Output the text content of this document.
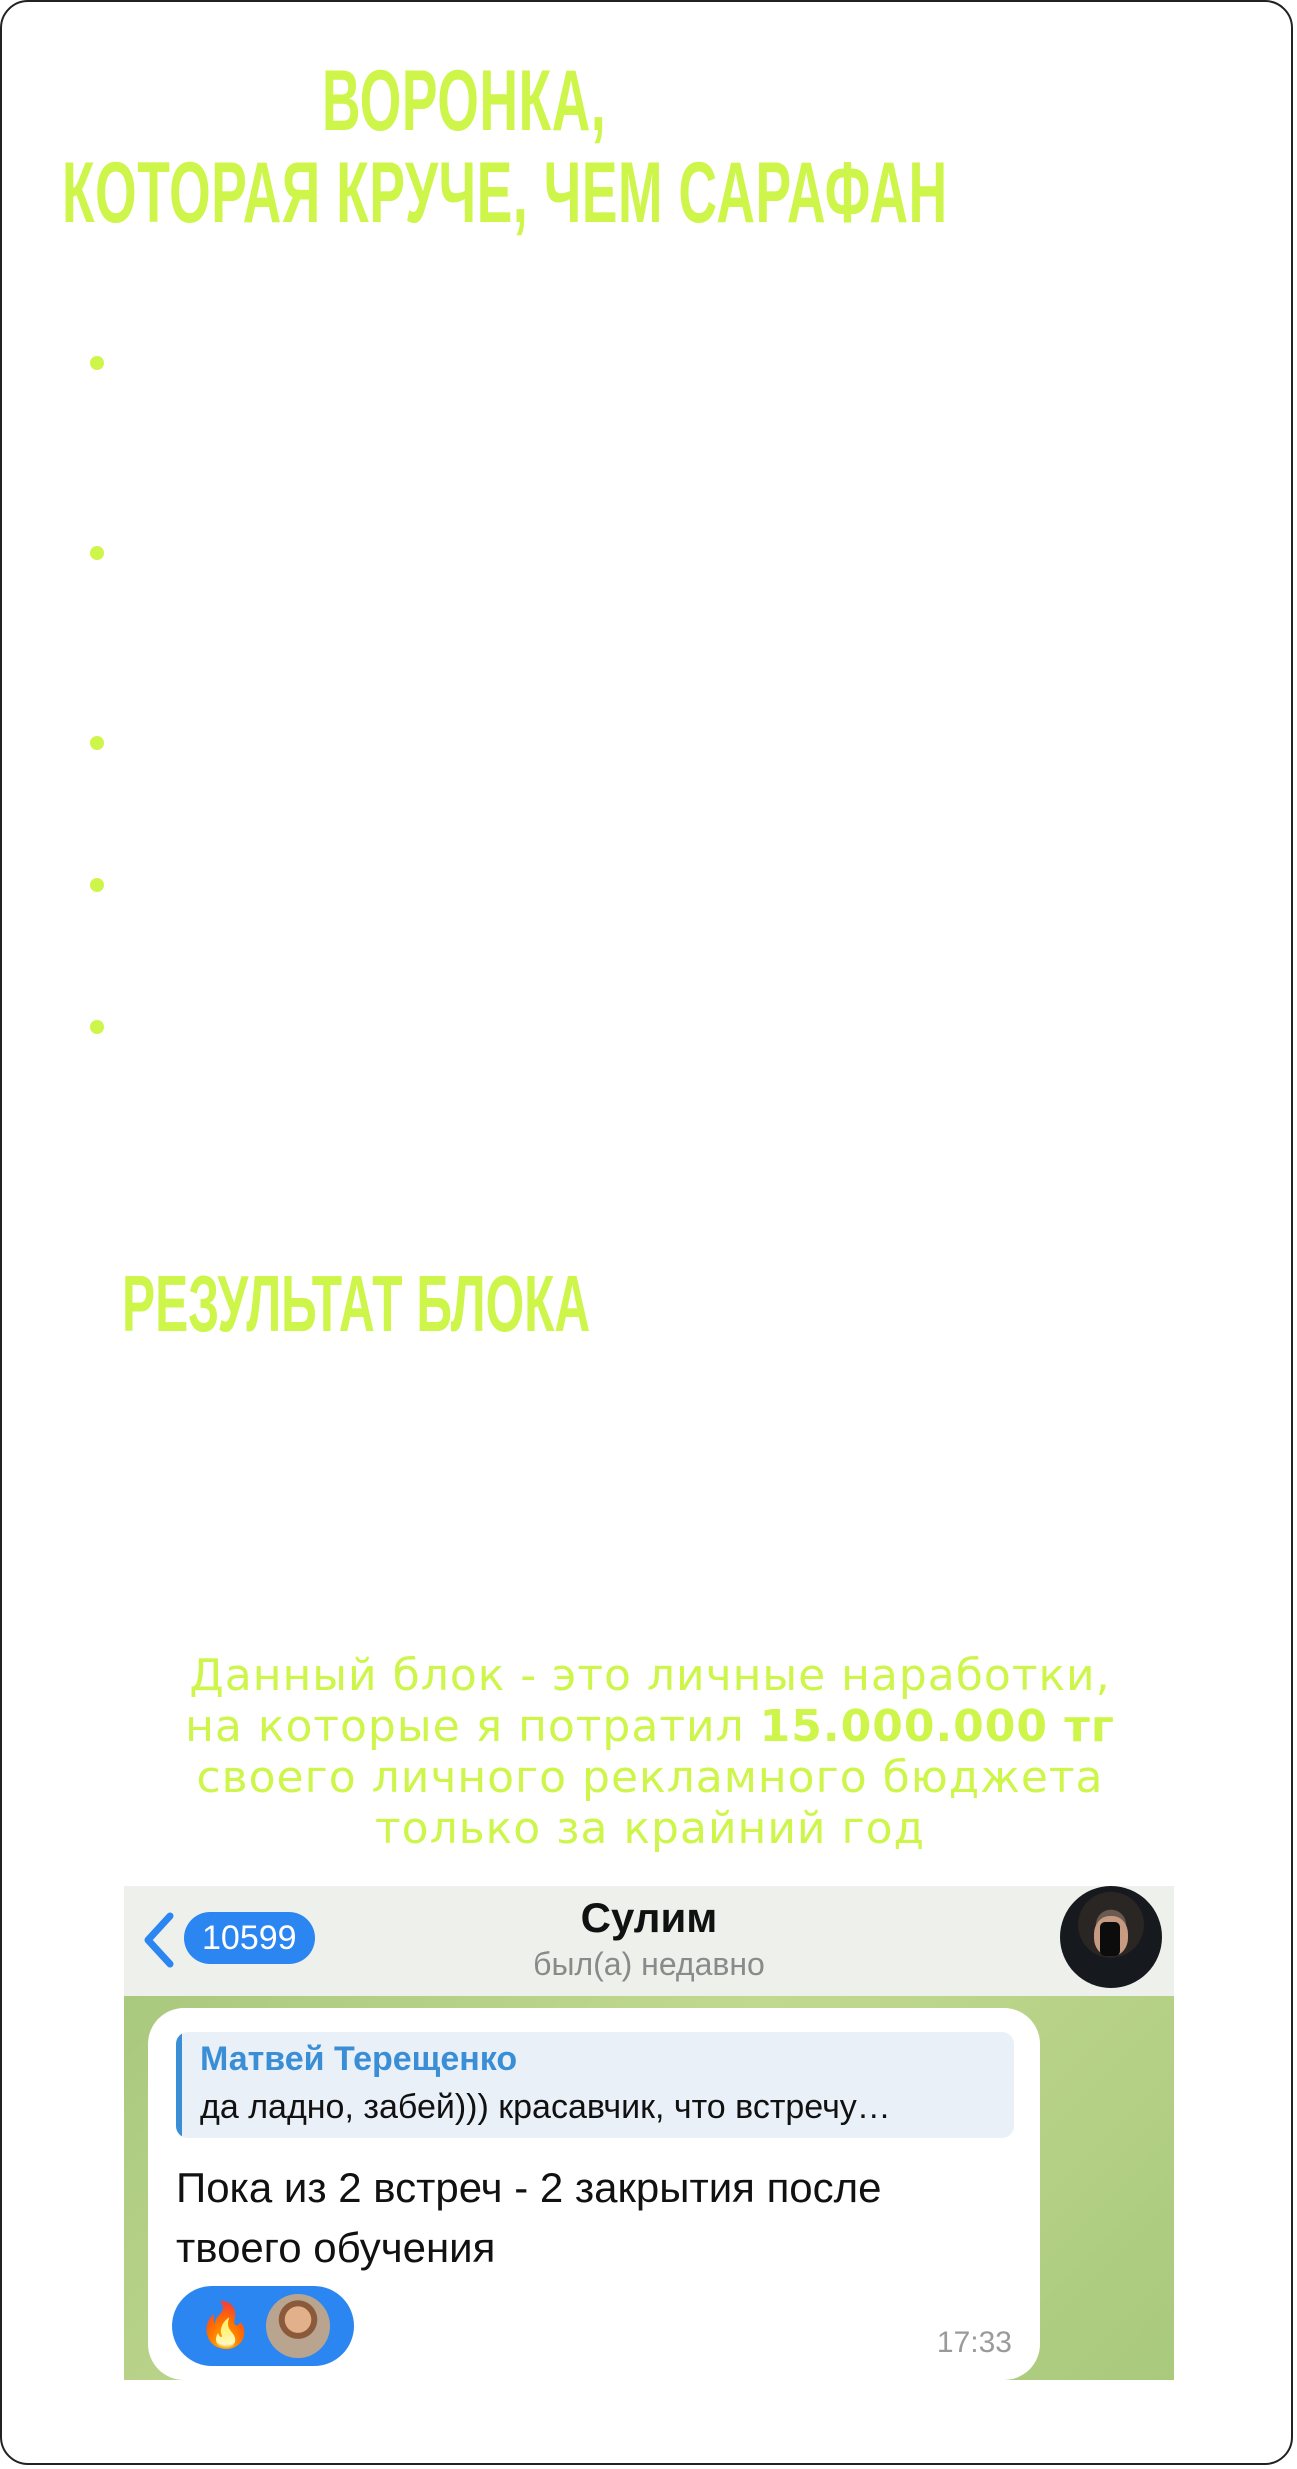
ВОРОНКА,
КОТОРАЯ КРУЧЕ, ЧЕМ САРАФАН
РЕЗУЛЬТАТ БЛОКА
Данный блок - это личные наработки,
на которые я потратил 15.000.000 тг
своего личного рекламного бюджета
только за крайний год
10599	Сулим
был(а) недавно
Матвей Терещенко
да ладно, забей))) красавчик, что встречу…
Пока из 2 встреч - 2 закрытия после
твоего обучения
🔥	17:33
